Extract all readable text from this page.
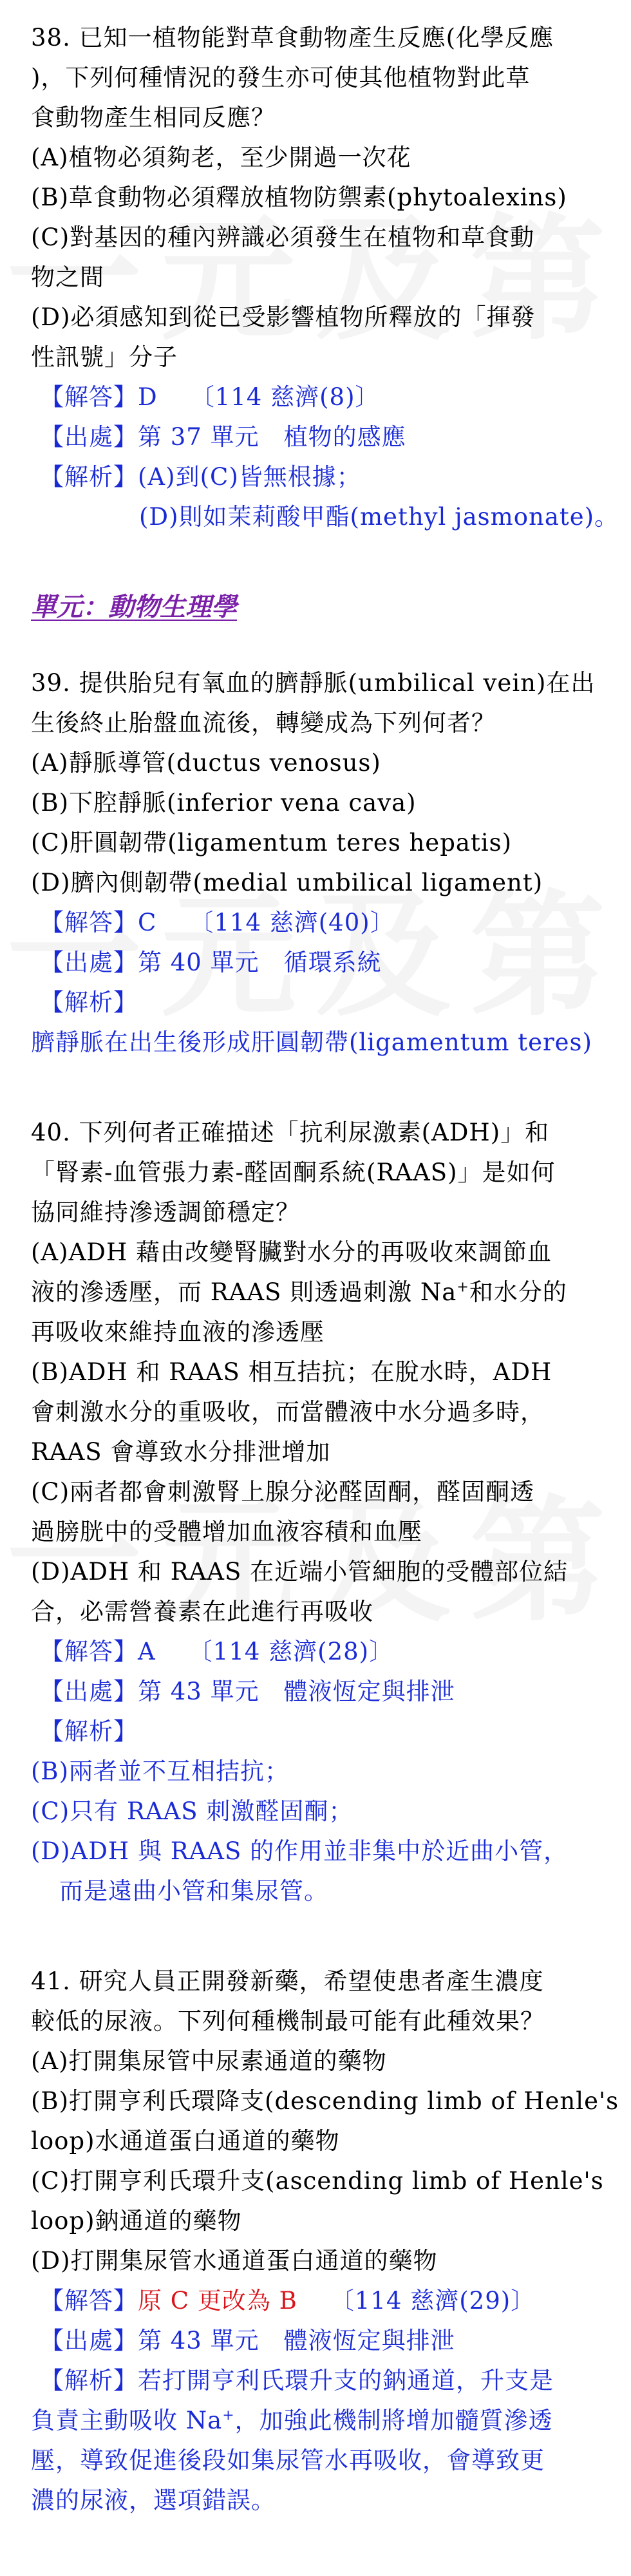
38. 已知一植物能對草食動物產生反應(化學反應
)，下列何種情況的發生亦可使其他植物對此草
食動物產生相同反應？
(A)植物必須夠老，至少開過一次花
(B)草食動物必須釋放植物防禦素(phytoalexins)
(C)對基因的種內辨識必須發生在植物和草食動
物之間
(D)必須感知到從已受影響植物所釋放的「揮發
性訊號」分子
【解答】D 〔114 慈濟(8)〕
【出處】第 37 單元　植物的感應
【解析】(A)到(C)皆無根據；
(D)則如茉莉酸甲酯(methyl jasmonate)。
單元：動物生理學
39. 提供胎兒有氧血的臍靜脈(umbilical vein)在出
生後終止胎盤血流後，轉變成為下列何者？
(A)靜脈導管(ductus venosus)
(B)下腔靜脈(inferior vena cava)
(C)肝圓韌帶(ligamentum teres hepatis)
(D)臍內側韌帶(medial umbilical ligament)
【解答】C 〔114 慈濟(40)〕
【出處】第 40 單元　循環系統
【解析】
臍靜脈在出生後形成肝圓韌帶(ligamentum teres)
40. 下列何者正確描述「抗利尿激素(ADH)」和
「腎素-血管張力素-醛固酮系統(RAAS)」是如何
協同維持滲透調節穩定？
(A)ADH 藉由改變腎臟對水分的再吸收來調節血
液的滲透壓，而 RAAS 則透過刺激 Na+和水分的
再吸收來維持血液的滲透壓
(B)ADH 和 RAAS 相互拮抗；在脫水時，ADH
會刺激水分的重吸收，而當體液中水分過多時，
RAAS 會導致水分排泄增加
(C)兩者都會刺激腎上腺分泌醛固酮，醛固酮透
過膀胱中的受體增加血液容積和血壓
(D)ADH 和 RAAS 在近端小管細胞的受體部位結
合，必需營養素在此進行再吸收
【解答】A 〔114 慈濟(28)〕
【出處】第 43 單元　體液恆定與排泄
【解析】
(B)兩者並不互相拮抗；
(C)只有 RAAS 刺激醛固酮；
(D)ADH 與 RAAS 的作用並非集中於近曲小管，
而是遠曲小管和集尿管。
41. 研究人員正開發新藥，希望使患者產生濃度
較低的尿液。下列何種機制最可能有此種效果？
(A)打開集尿管中尿素通道的藥物
(B)打開亨利氏環降支(descending limb of Henle's
loop)水通道蛋白通道的藥物
(C)打開亨利氏環升支(ascending limb of Henle's
loop)鈉通道的藥物
(D)打開集尿管水通道蛋白通道的藥物
【解答】原 C 更改為 B 〔114 慈濟(29)〕
【出處】第 43 單元　體液恆定與排泄
【解析】若打開亨利氏環升支的鈉通道，升支是
負責主動吸收 Na+，加強此機制將增加髓質滲透
壓，導致促進後段如集尿管水再吸收，會導致更
濃的尿液，選項錯誤。
